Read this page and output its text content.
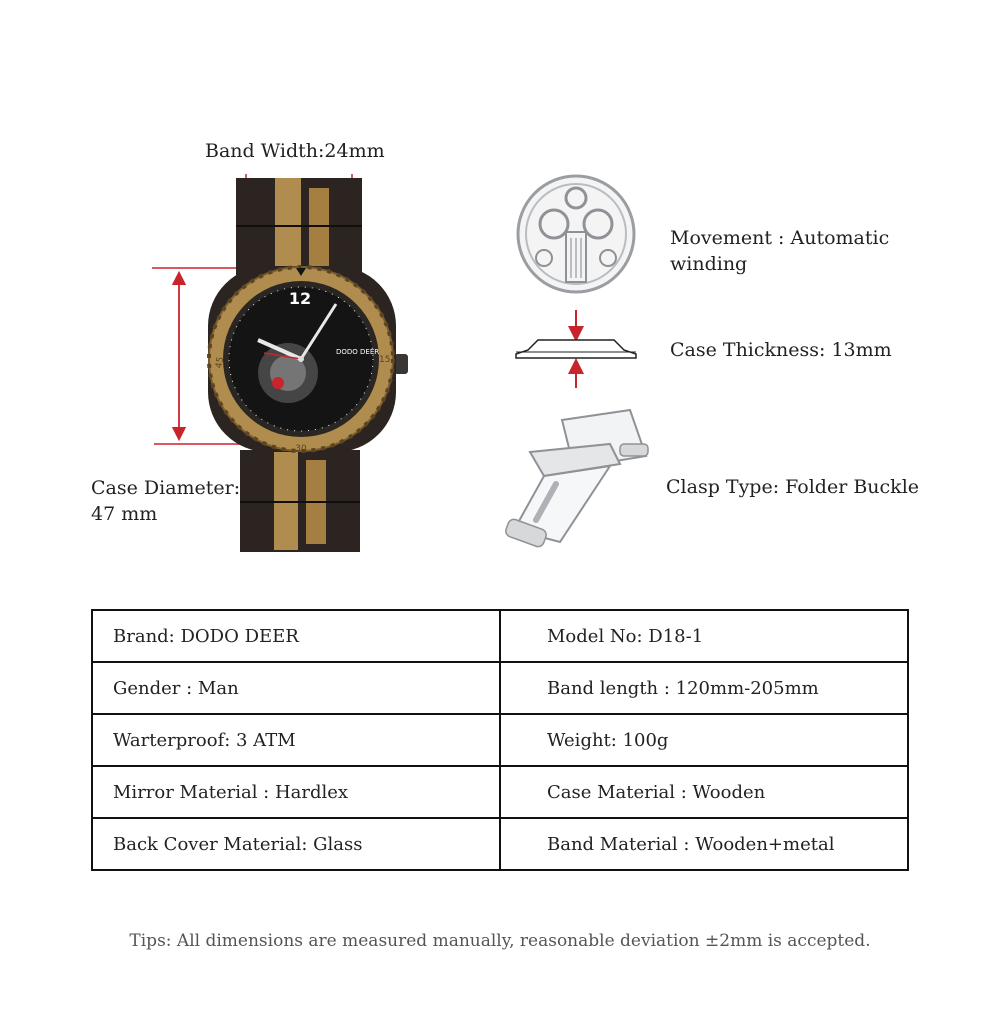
Band Width:24mm
12
DODO DEER
15
30
45
Case Diameter:
47 mm
Movement : Automatic
winding
Case Thickness: 13mm
Clasp Type: Folder Buckle
Brand: DODO DEER	Model No: D18-1
Gender : Man	Band length : 120mm-205mm
Warterproof: 3 ATM	Weight: 100g
Mirror Material : Hardlex	Case Material : Wooden
Back Cover Material: Glass	Band Material : Wooden+metal
Tips: All dimensions are measured manually, reasonable deviation ±2mm is accepted.
